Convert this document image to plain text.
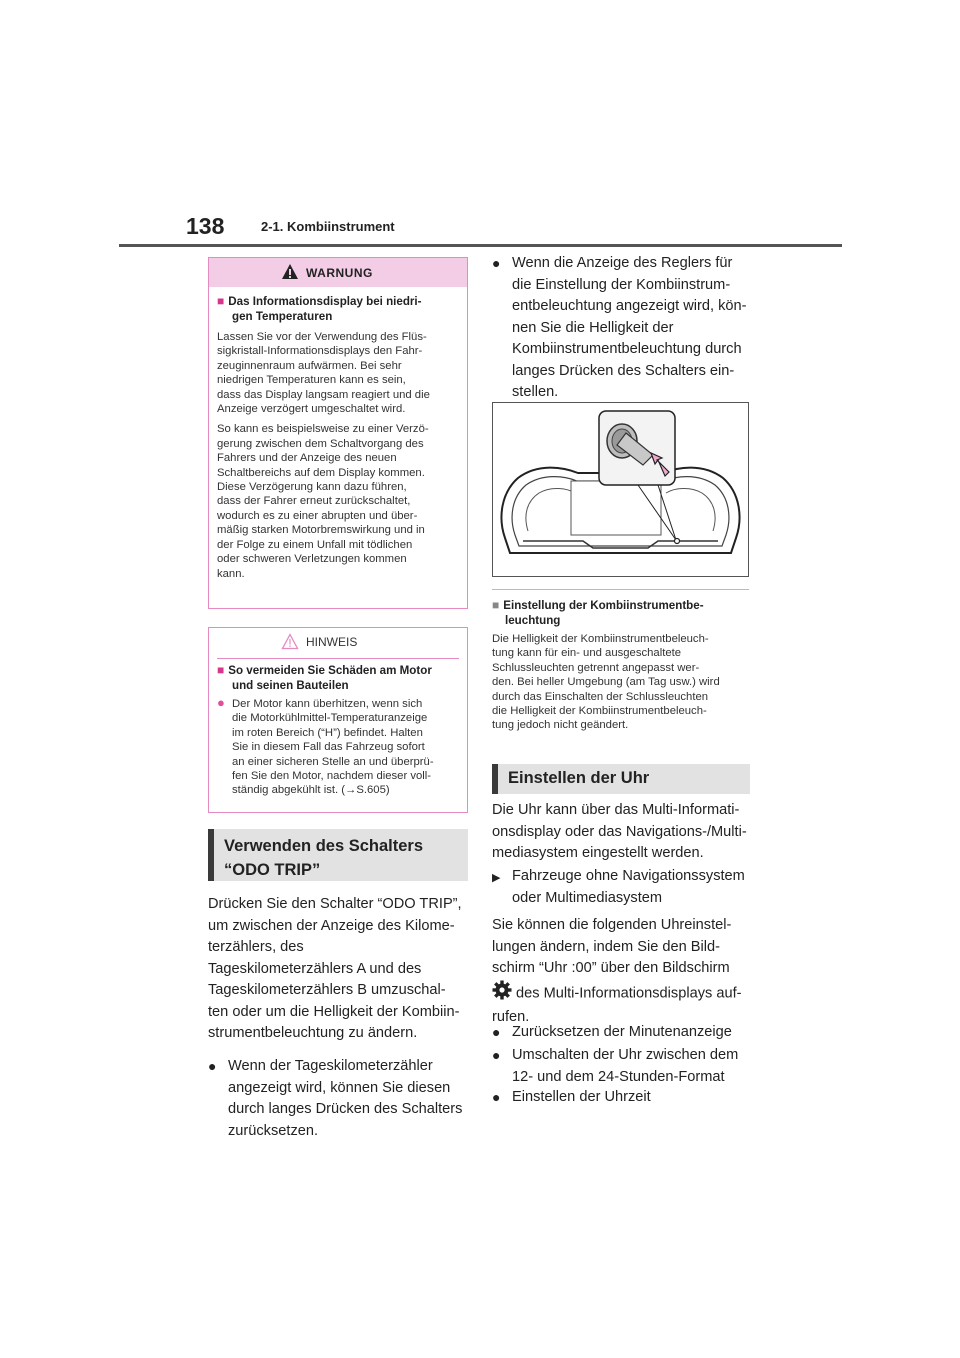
138	2-1. Kombiinstrument
WARNUNG
■ Das Informationsdisplay bei niedri-
gen Temperaturen
Lassen Sie vor der Verwendung des Flüs-
sigkristall-Informationsdisplays den Fahr-
zeuginnenraum aufwärmen. Bei sehr
niedrigen Temperaturen kann es sein,
dass das Display langsam reagiert und die
Anzeige verzögert umgeschaltet wird.
So kann es beispielsweise zu einer Verzö-
gerung zwischen dem Schaltvorgang des
Fahrers und der Anzeige des neuen
Schaltbereichs auf dem Display kommen.
Diese Verzögerung kann dazu führen,
dass der Fahrer erneut zurückschaltet,
wodurch es zu einer abrupten und über-
mäßig starken Motorbremswirkung und in
der Folge zu einem Unfall mit tödlichen
oder schweren Verletzungen kommen
kann.
HINWEIS
■ So vermeiden Sie Schäden am Motor
und seinen Bauteilen
● Der Motor kann überhitzen, wenn sich
die Motorkühlmittel-Temperaturanzeige
im roten Bereich (“H”) befindet. Halten
Sie in diesem Fall das Fahrzeug sofort
an einer sicheren Stelle an und überprü-
fen Sie den Motor, nachdem dieser voll-
ständig abgekühlt ist. (→S.605)
Verwenden des Schalters
“ODO TRIP”
Drücken Sie den Schalter “ODO TRIP”,
um zwischen der Anzeige des Kilome-
terzählers, des
Tageskilometerzählers A und des
Tageskilometerzählers B umzuschal-
ten oder um die Helligkeit der Kombiin-
strumentbeleuchtung zu ändern.
● Wenn der Tageskilometerzähler
angezeigt wird, können Sie diesen
durch langes Drücken des Schalters
zurücksetzen.
● Wenn die Anzeige des Reglers für
die Einstellung der Kombiinstrum-
entbeleuchtung angezeigt wird, kön-
nen Sie die Helligkeit der
Kombiinstrumentbeleuchtung durch
langes Drücken des Schalters ein-
stellen.
■ Einstellung der Kombiinstrumentbe-
leuchtung
Die Helligkeit der Kombiinstrumentbeleuch-
tung kann für ein- und ausgeschaltete
Schlussleuchten getrennt angepasst wer-
den. Bei heller Umgebung (am Tag usw.) wird
durch das Einschalten der Schlussleuchten
die Helligkeit der Kombiinstrumentbeleuch-
tung jedoch nicht geändert.
Einstellen der Uhr
Die Uhr kann über das Multi-Informati-
onsdisplay oder das Navigations-/Multi-
mediasystem eingestellt werden.
▶ Fahrzeuge ohne Navigationssystem
oder Multimediasystem
Sie können die folgenden Uhreinstel-
lungen ändern, indem Sie den Bild-
schirm “Uhr :00” über den Bildschirm
des Multi-Informationsdisplays auf-
rufen.
● Zurücksetzen der Minutenanzeige
● Umschalten der Uhr zwischen dem
12- und dem 24-Stunden-Format
● Einstellen der Uhrzeit
